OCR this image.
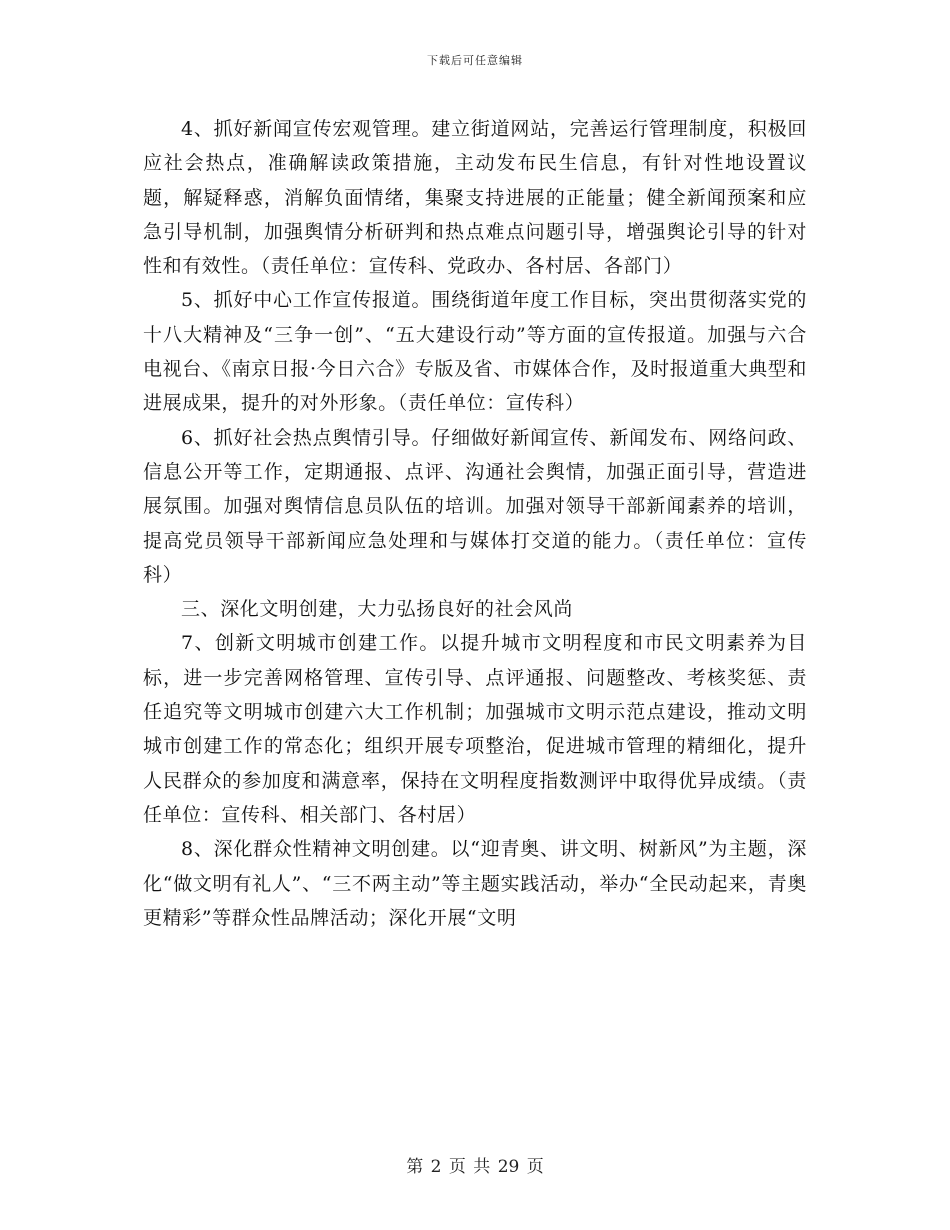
下载后可任意编辑

4、抓好新闻宣传宏观管理。建立街道网站，完善运行管理制度，积极回应社会热点，准确解读政策措施，主动发布民生信息，有针对性地设置议题，解疑释惑，消解负面情绪，集聚支持进展的正能量；健全新闻预案和应急引导机制，加强舆情分析研判和热点难点问题引导，增强舆论引导的针对性和有效性。（责任单位：宣传科、党政办、各村居、各部门）

5、抓好中心工作宣传报道。围绕街道年度工作目标，突出贯彻落实党的十八大精神及“三争一创”、“五大建设行动”等方面的宣传报道。加强与六合电视台、《南京日报·今日六合》专版及省、市媒体合作，及时报道重大典型和进展成果，提升的对外形象。（责任单位：宣传科）

6、抓好社会热点舆情引导。仔细做好新闻宣传、新闻发布、网络问政、信息公开等工作，定期通报、点评、沟通社会舆情，加强正面引导，营造进展氛围。加强对舆情信息员队伍的培训。加强对领导干部新闻素养的培训，提高党员领导干部新闻应急处理和与媒体打交道的能力。（责任单位：宣传科）

三、深化文明创建，大力弘扬良好的社会风尚

7、创新文明城市创建工作。以提升城市文明程度和市民文明素养为目标，进一步完善网格管理、宣传引导、点评通报、问题整改、考核奖惩、责任追究等文明城市创建六大工作机制；加强城市文明示范点建设，推动文明城市创建工作的常态化；组织开展专项整治，促进城市管理的精细化，提升人民群众的参加度和满意率，保持在文明程度指数测评中取得优异成绩。（责任单位：宣传科、相关部门、各村居）

8、深化群众性精神文明创建。以“迎青奥、讲文明、树新风”为主题，深化“做文明有礼人”、“三不两主动”等主题实践活动，举办“全民动起来，青奥更精彩”等群众性品牌活动；深化开展“文明

第 2 页 共 29 页
